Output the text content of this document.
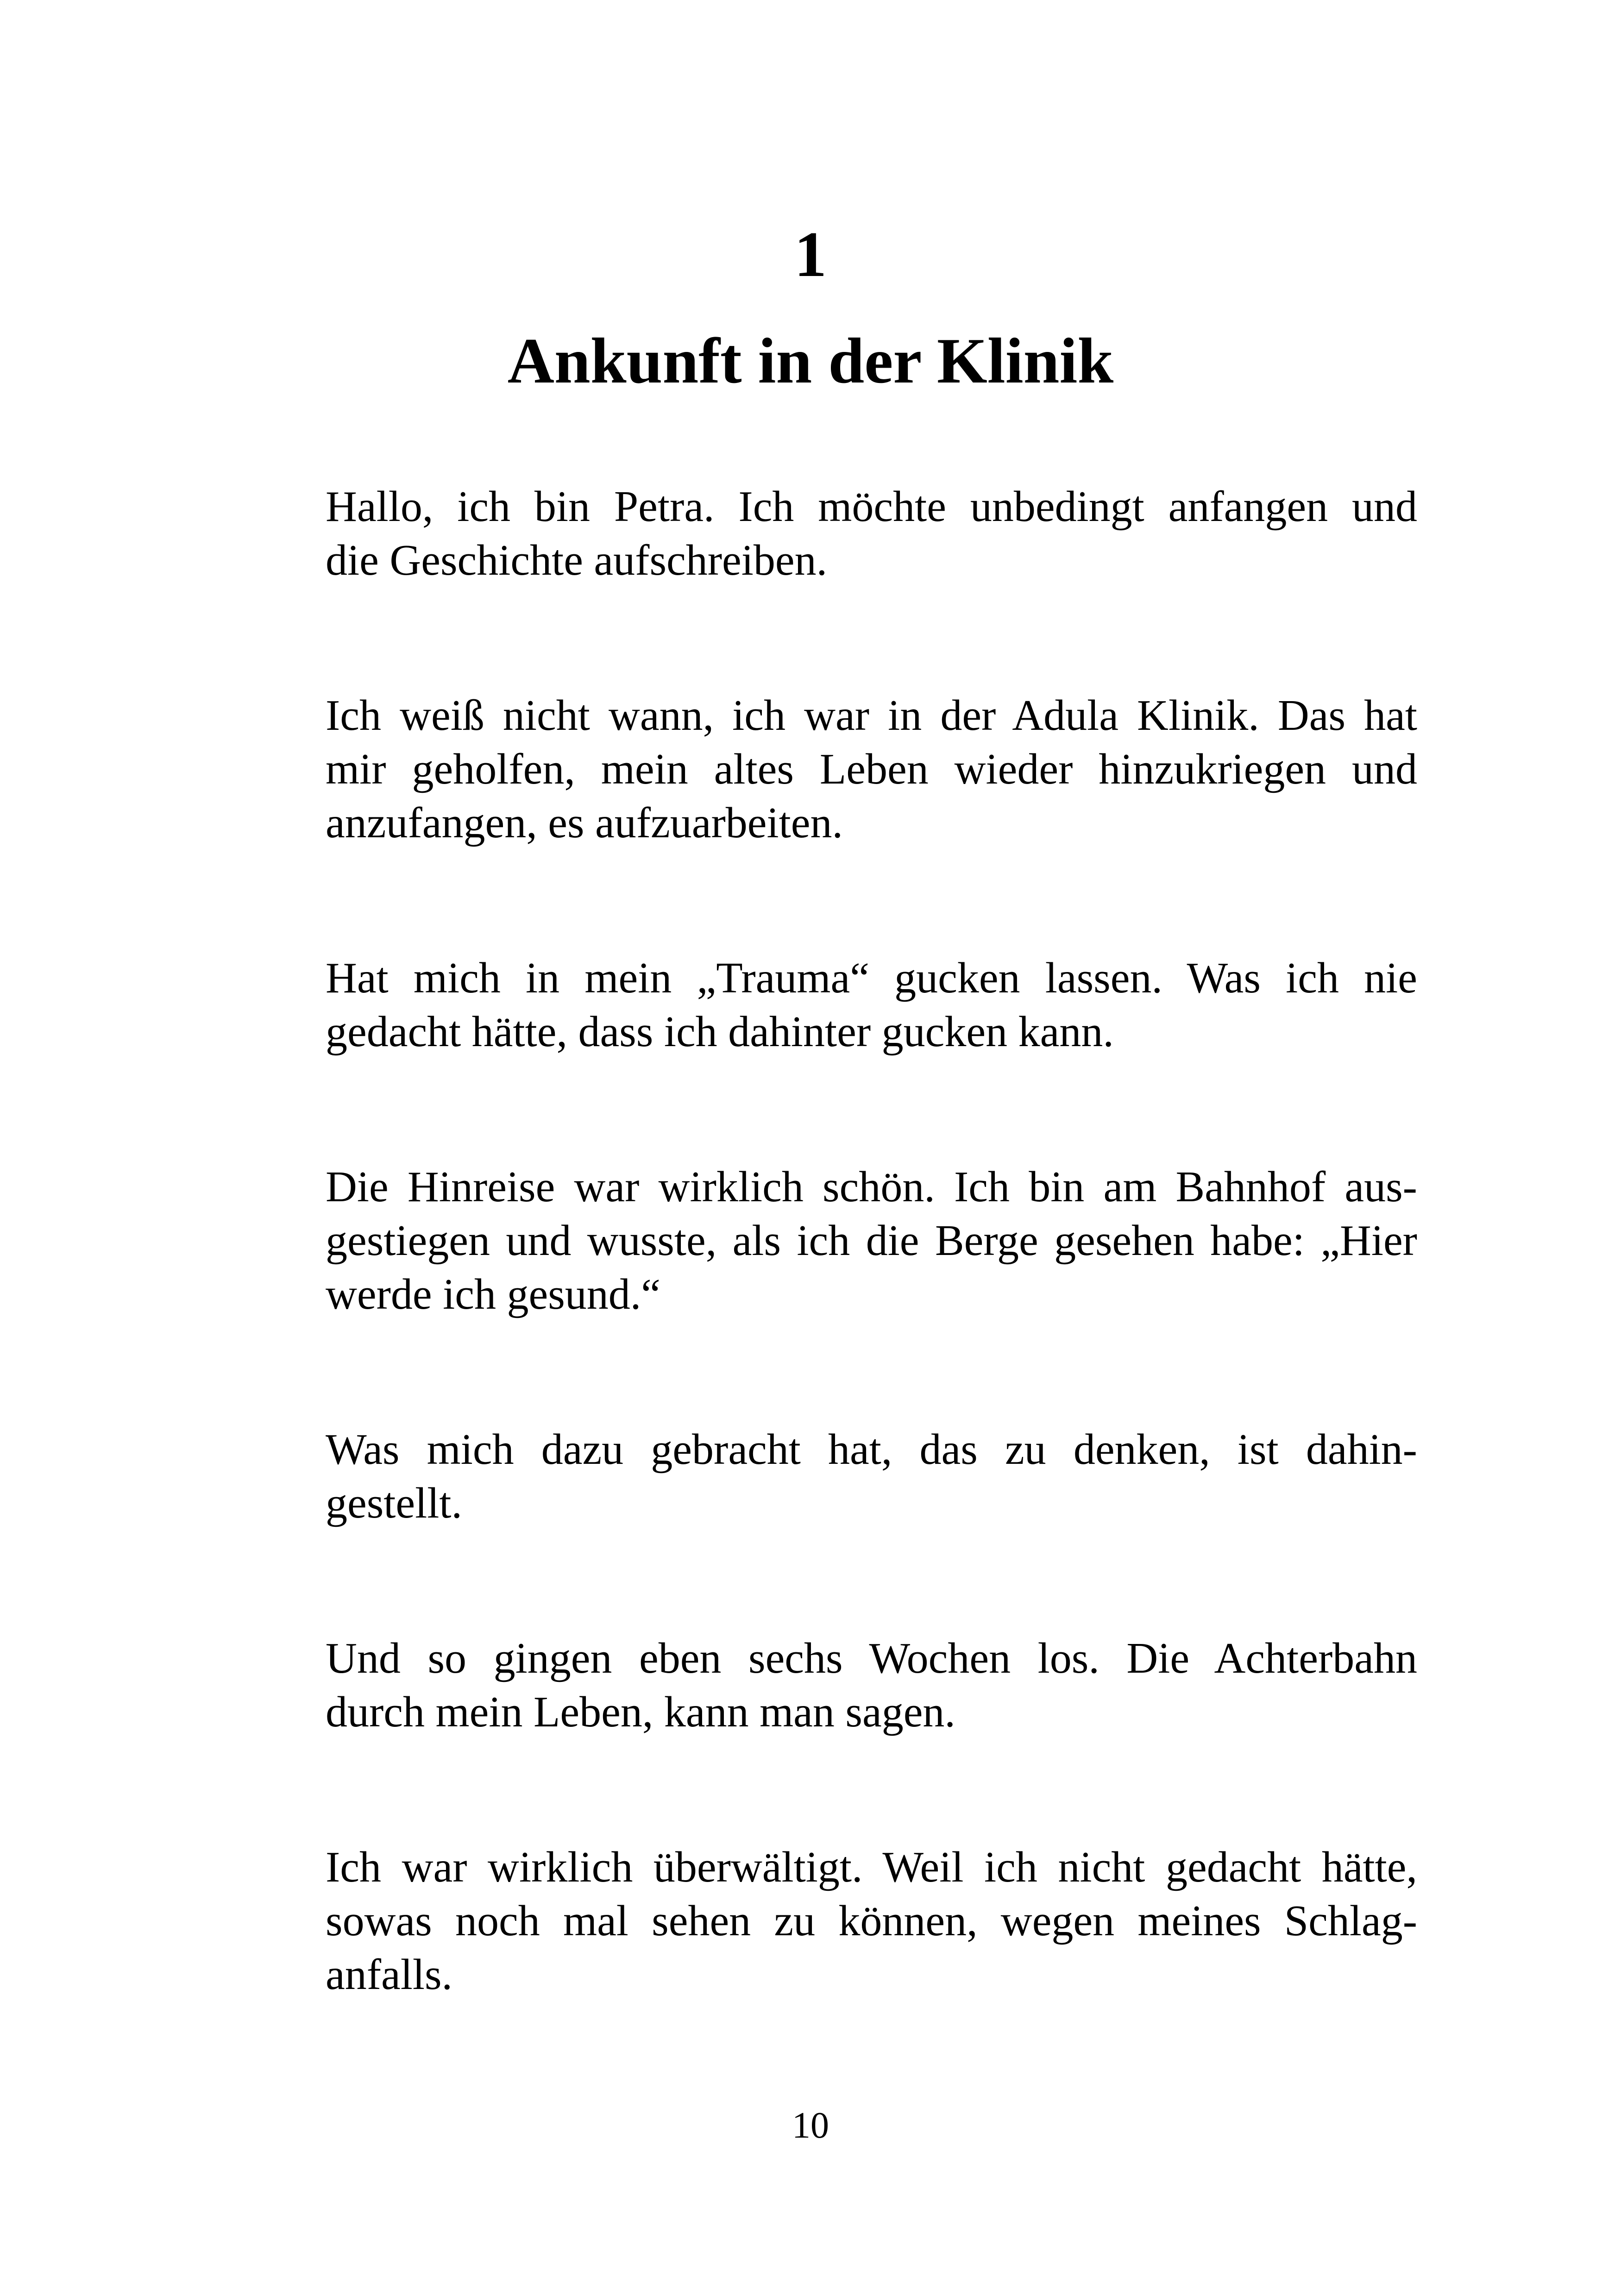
1
Ankunft in der Klinik

Hallo, ich bin Petra. Ich möchte unbedingt anfangen und
die Geschichte aufschreiben.

Ich weiß nicht wann, ich war in der Adula Klinik. Das hat
mir geholfen, mein altes Leben wieder hinzukriegen und
anzufangen, es aufzuarbeiten.

Hat mich in mein „Trauma“ gucken lassen. Was ich nie
gedacht hätte, dass ich dahinter gucken kann.

Die Hinreise war wirklich schön. Ich bin am Bahnhof aus-
gestiegen und wusste, als ich die Berge gesehen habe: „Hier
werde ich gesund.“

Was mich dazu gebracht hat, das zu denken, ist dahin-
gestellt.

Und so gingen eben sechs Wochen los. Die Achterbahn
durch mein Leben, kann man sagen.

Ich war wirklich überwältigt. Weil ich nicht gedacht hätte,
sowas noch mal sehen zu können, wegen meines Schlag-
anfalls.

10
